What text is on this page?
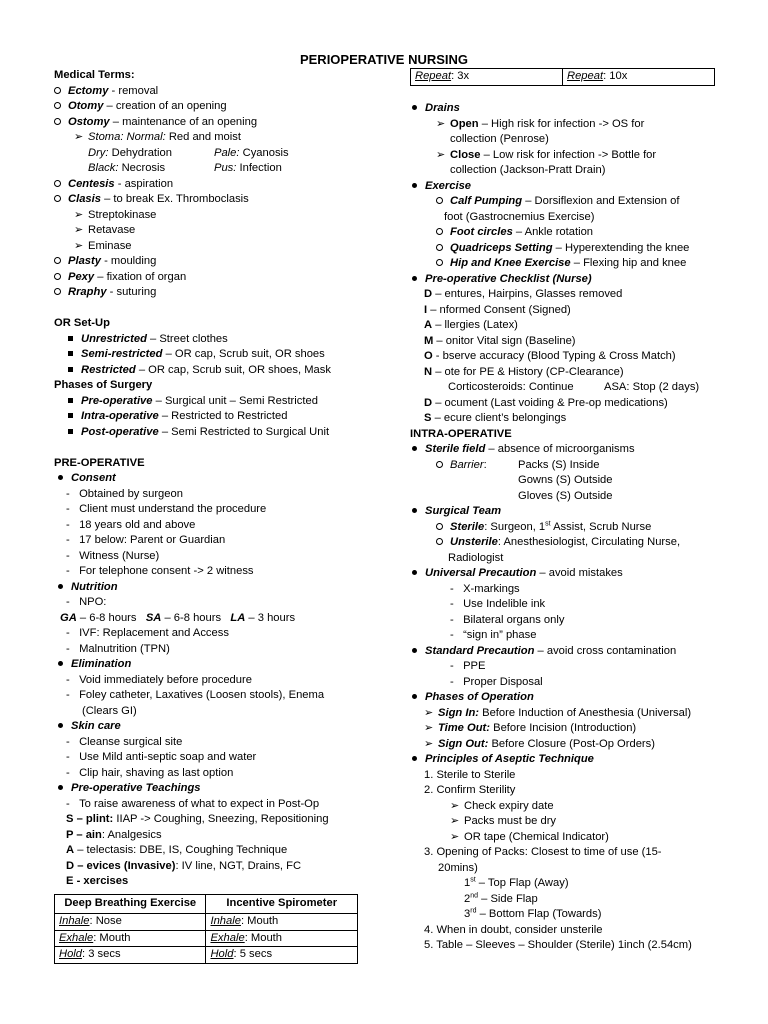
PERIOPERATIVE NURSING
Repeat: 3x	Repeat: 10x
Medical Terms:
Ectomy - removal
Otomy – creation of an opening
Ostomy – maintenance of an opening
➢ Stoma: Normal: Red and moist
Dry: Dehydration	Pale: Cyanosis
Black: Necrosis	Pus: Infection
Centesis - aspiration
Clasis – to break Ex. Thromboclasis
➢ Streptokinase
➢ Retavase
➢ Eminase
Plasty - moulding
Pexy – fixation of organ
Rraphy - suturing
OR Set-Up
Unrestricted – Street clothes
Semi-restricted – OR cap, Scrub suit, OR shoes
Restricted – OR cap, Scrub suit, OR shoes, Mask
Phases of Surgery
Pre-operative – Surgical unit – Semi Restricted
Intra-operative – Restricted to Restricted
Post-operative – Semi Restricted to Surgical Unit
PRE-OPERATIVE
Consent
-   Obtained by surgeon
-   Client must understand the procedure
-   18 years old and above
-   17 below: Parent or Guardian
-   Witness (Nurse)
-   For telephone consent -> 2 witness
Nutrition
-   NPO:
GA – 6-8 hours   SA – 6-8 hours   LA – 3 hours
-   IVF: Replacement and Access
-   Malnutrition (TPN)
Elimination
-   Void immediately before procedure
-   Foley catheter, Laxatives (Loosen stools), Enema
(Clears GI)
Skin care
-   Cleanse surgical site
-   Use Mild anti-septic soap and water
-   Clip hair, shaving as last option
Pre-operative Teachings
-   To raise awareness of what to expect in Post-Op
S – plint: IIAP -> Coughing, Sneezing, Repositioning
P – ain: Analgesics
A – telectasis: DBE, IS, Coughing Technique
D – evices (Invasive): IV line, NGT, Drains, FC
E - xercises
Deep Breathing Exercise	Incentive Spirometer
Inhale: Nose	Inhale: Mouth
Exhale: Mouth	Exhale: Mouth
Hold: 3 secs	Hold: 5 secs
Drains
➢ Open – High risk for infection -> OS for
collection (Penrose)
➢ Close – Low risk for infection -> Bottle for
collection (Jackson-Pratt Drain)
Exercise
Calf Pumping – Dorsiflexion and Extension of
foot (Gastrocnemius Exercise)
Foot circles – Ankle rotation
Quadriceps Setting – Hyperextending the knee
Hip and Knee Exercise – Flexing hip and knee
Pre-operative Checklist (Nurse)
D – entures, Hairpins, Glasses removed
I – nformed Consent (Signed)
A – llergies (Latex)
M – onitor Vital sign (Baseline)
O - bserve accuracy (Blood Typing & Cross Match)
N – ote for PE & History (CP-Clearance)
Corticosteroids: Continue	ASA: Stop (2 days)
D – ocument (Last voiding & Pre-op medications)
S – ecure client’s belongings
INTRA-OPERATIVE
Sterile field – absence of microorganisms
Barrier:	Packs (S) Inside
Gowns (S) Outside
Gloves (S) Outside
Surgical Team
Sterile: Surgeon, 1st Assist, Scrub Nurse
Unsterile: Anesthesiologist, Circulating Nurse,
Radiologist
Universal Precaution – avoid mistakes
-   X-markings
-   Use Indelible ink
-   Bilateral organs only
-   “sign in” phase
Standard Precaution – avoid cross contamination
-   PPE
-   Proper Disposal
Phases of Operation
➢ Sign In: Before Induction of Anesthesia (Universal)
➢ Time Out: Before Incision (Introduction)
➢ Sign Out: Before Closure (Post-Op Orders)
Principles of Aseptic Technique
1. Sterile to Sterile
2. Confirm Sterility
➢ Check expiry date
➢ Packs must be dry
➢ OR tape (Chemical Indicator)
3. Opening of Packs: Closest to time of use (15-
20mins)
1st – Top Flap (Away)
2nd – Side Flap
3rd – Bottom Flap (Towards)
4. When in doubt, consider unsterile
5. Table – Sleeves – Shoulder (Sterile) 1inch (2.54cm)
